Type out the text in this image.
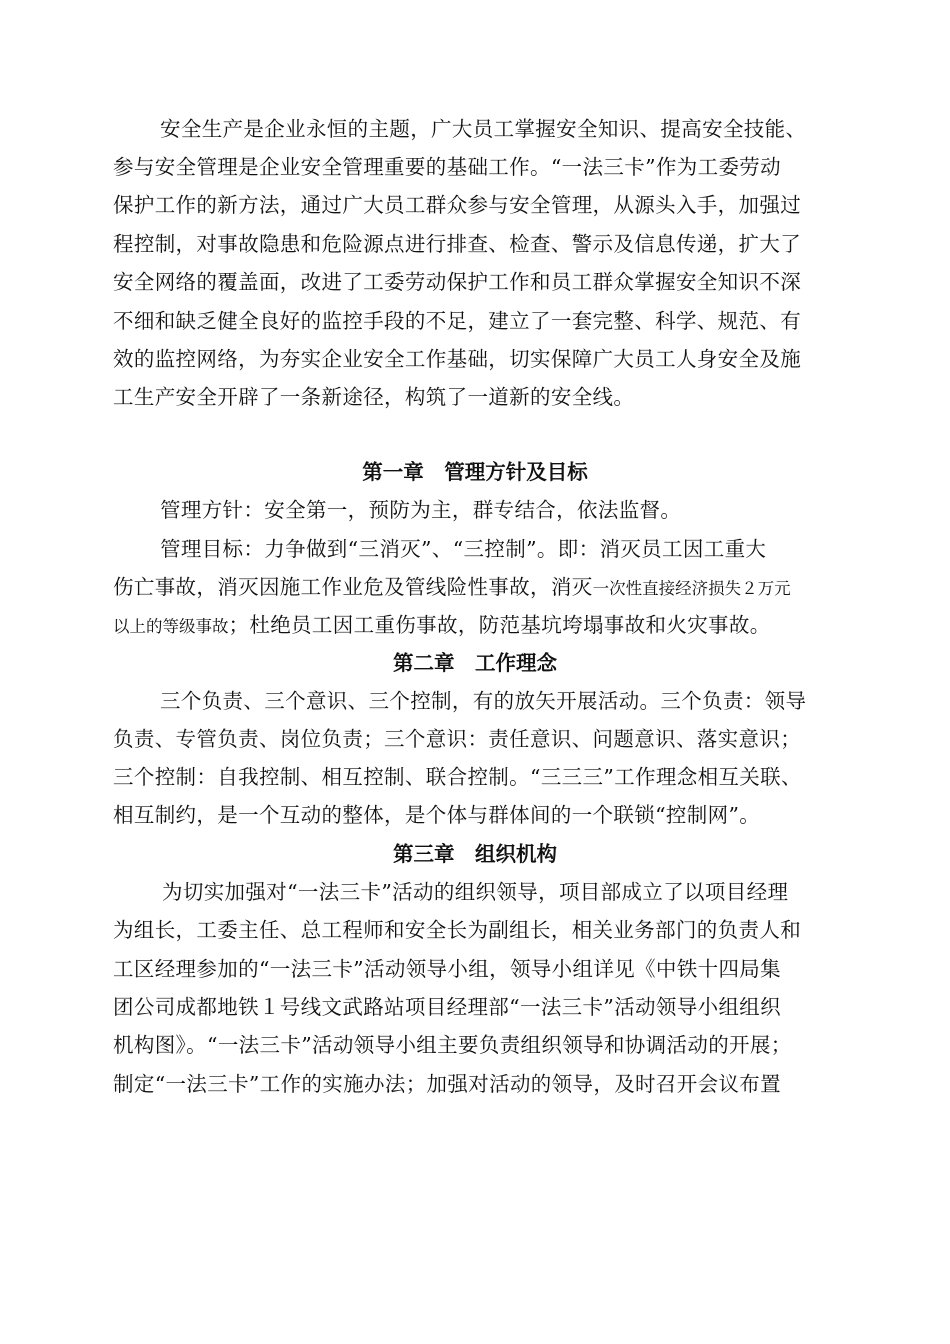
安全生产是企业永恒的主题，广大员工掌握安全知识、提高安全技能、
参与安全管理是企业安全管理重要的基础工作。“一法三卡”作为工委劳动
保护工作的新方法，通过广大员工群众参与安全管理，从源头入手，加强过
程控制，对事故隐患和危险源点进行排查、检查、警示及信息传递，扩大了
安全网络的覆盖面，改进了工委劳动保护工作和员工群众掌握安全知识不深
不细和缺乏健全良好的监控手段的不足，建立了一套完整、科学、规范、有
效的监控网络，为夯实企业安全工作基础，切实保障广大员工人身安全及施
工生产安全开辟了一条新途径，构筑了一道新的安全线。
第一章　管理方针及目标
管理方针：安全第一，预防为主，群专结合，依法监督。
管理目标：力争做到“三消灭”、“三控制”。即：消灭员工因工重大
伤亡事故，消灭因施工作业危及管线险性事故，消灭一次性直接经济损失２万元
以上的等级事故；杜绝员工因工重伤事故，防范基坑垮塌事故和火灾事故。
第二章　工作理念
三个负责、三个意识、三个控制，有的放矢开展活动。三个负责：领导
负责、专管负责、岗位负责；三个意识：责任意识、问题意识、落实意识；
三个控制：自我控制、相互控制、联合控制。“三三三”工作理念相互关联、
相互制约，是一个互动的整体，是个体与群体间的一个联锁“控制网”。
第三章　组织机构
为切实加强对“一法三卡”活动的组织领导，项目部成立了以项目经理
为组长，工委主任、总工程师和安全长为副组长，相关业务部门的负责人和
工区经理参加的“一法三卡”活动领导小组，领导小组详见《中铁十四局集
团公司成都地铁１号线文武路站项目经理部“一法三卡”活动领导小组组织
机构图》。“一法三卡”活动领导小组主要负责组织领导和协调活动的开展；
制定“一法三卡”工作的实施办法；加强对活动的领导，及时召开会议布置
